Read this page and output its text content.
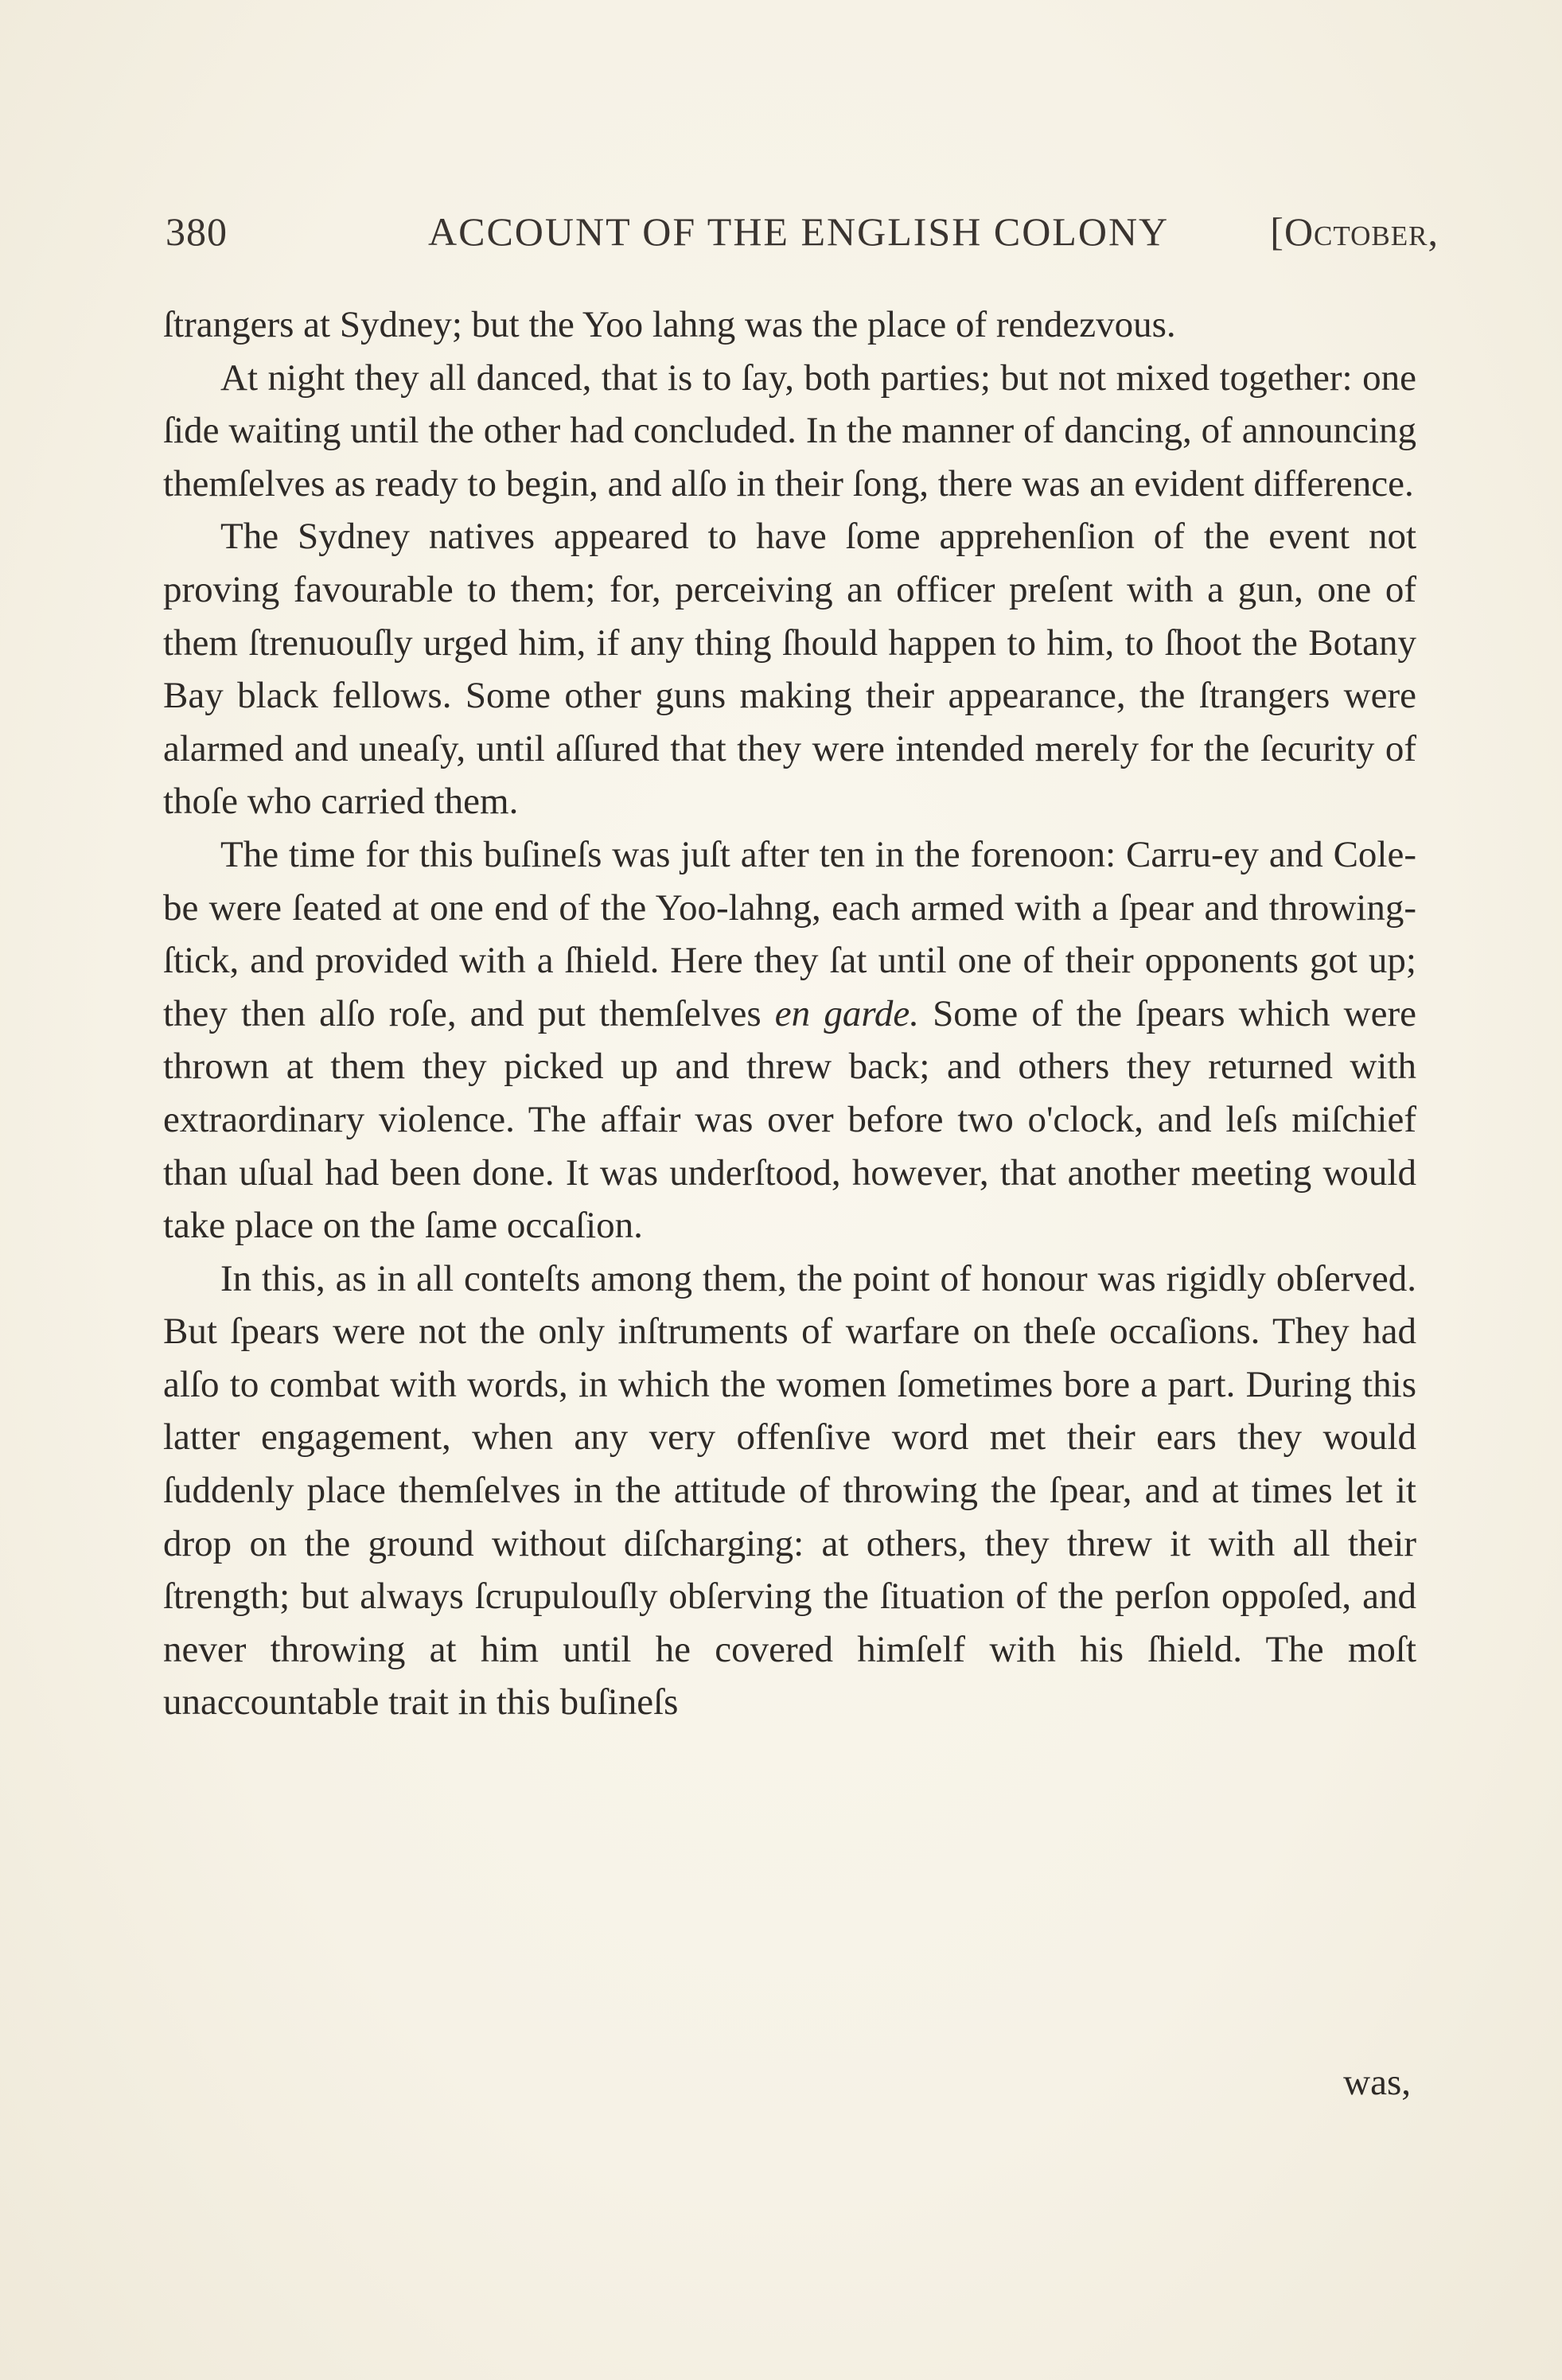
380	ACCOUNT OF THE ENGLISH COLONY	[October,

ſtrangers at Sydney; but the Yoo lahng was the place of rendezvous.

At night they all danced, that is to ſay, both parties; but not mixed together: one ſide waiting until the other had concluded. In the manner of dancing, of announcing themſelves as ready to begin, and alſo in their ſong, there was an evident difference.

The Sydney natives appeared to have ſome apprehenſion of the event not proving favourable to them; for, perceiving an officer preſent with a gun, one of them ſtrenuouſly urged him, if any thing ſhould happen to him, to ſhoot the Botany Bay black fellows. Some other guns making their appearance, the ſtrangers were alarmed and uneaſy, until aſſured that they were intended merely for the ſecurity of thoſe who carried them.

The time for this buſineſs was juſt after ten in the forenoon: Carru-ey and Cole-be were ſeated at one end of the Yoo-lahng, each armed with a ſpear and throwing-ſtick, and provided with a ſhield. Here they ſat until one of their opponents got up; they then alſo roſe, and put themſelves en garde. Some of the ſpears which were thrown at them they picked up and threw back; and others they returned with extraordinary violence. The affair was over before two o'clock, and leſs miſchief than uſual had been done. It was underſtood, however, that another meeting would take place on the ſame occaſion.

In this, as in all conteſts among them, the point of honour was rigidly obſerved. But ſpears were not the only inſtruments of warfare on theſe occaſions. They had alſo to combat with words, in which the women ſometimes bore a part. During this latter engagement, when any very offenſive word met their ears they would ſuddenly place themſelves in the attitude of throwing the ſpear, and at times let it drop on the ground without diſcharging: at others, they threw it with all their ſtrength; but always ſcrupulouſly obſerving the ſituation of the perſon oppoſed, and never throwing at him until he covered himſelf with his ſhield. The moſt unaccountable trait in this buſineſs

was,
